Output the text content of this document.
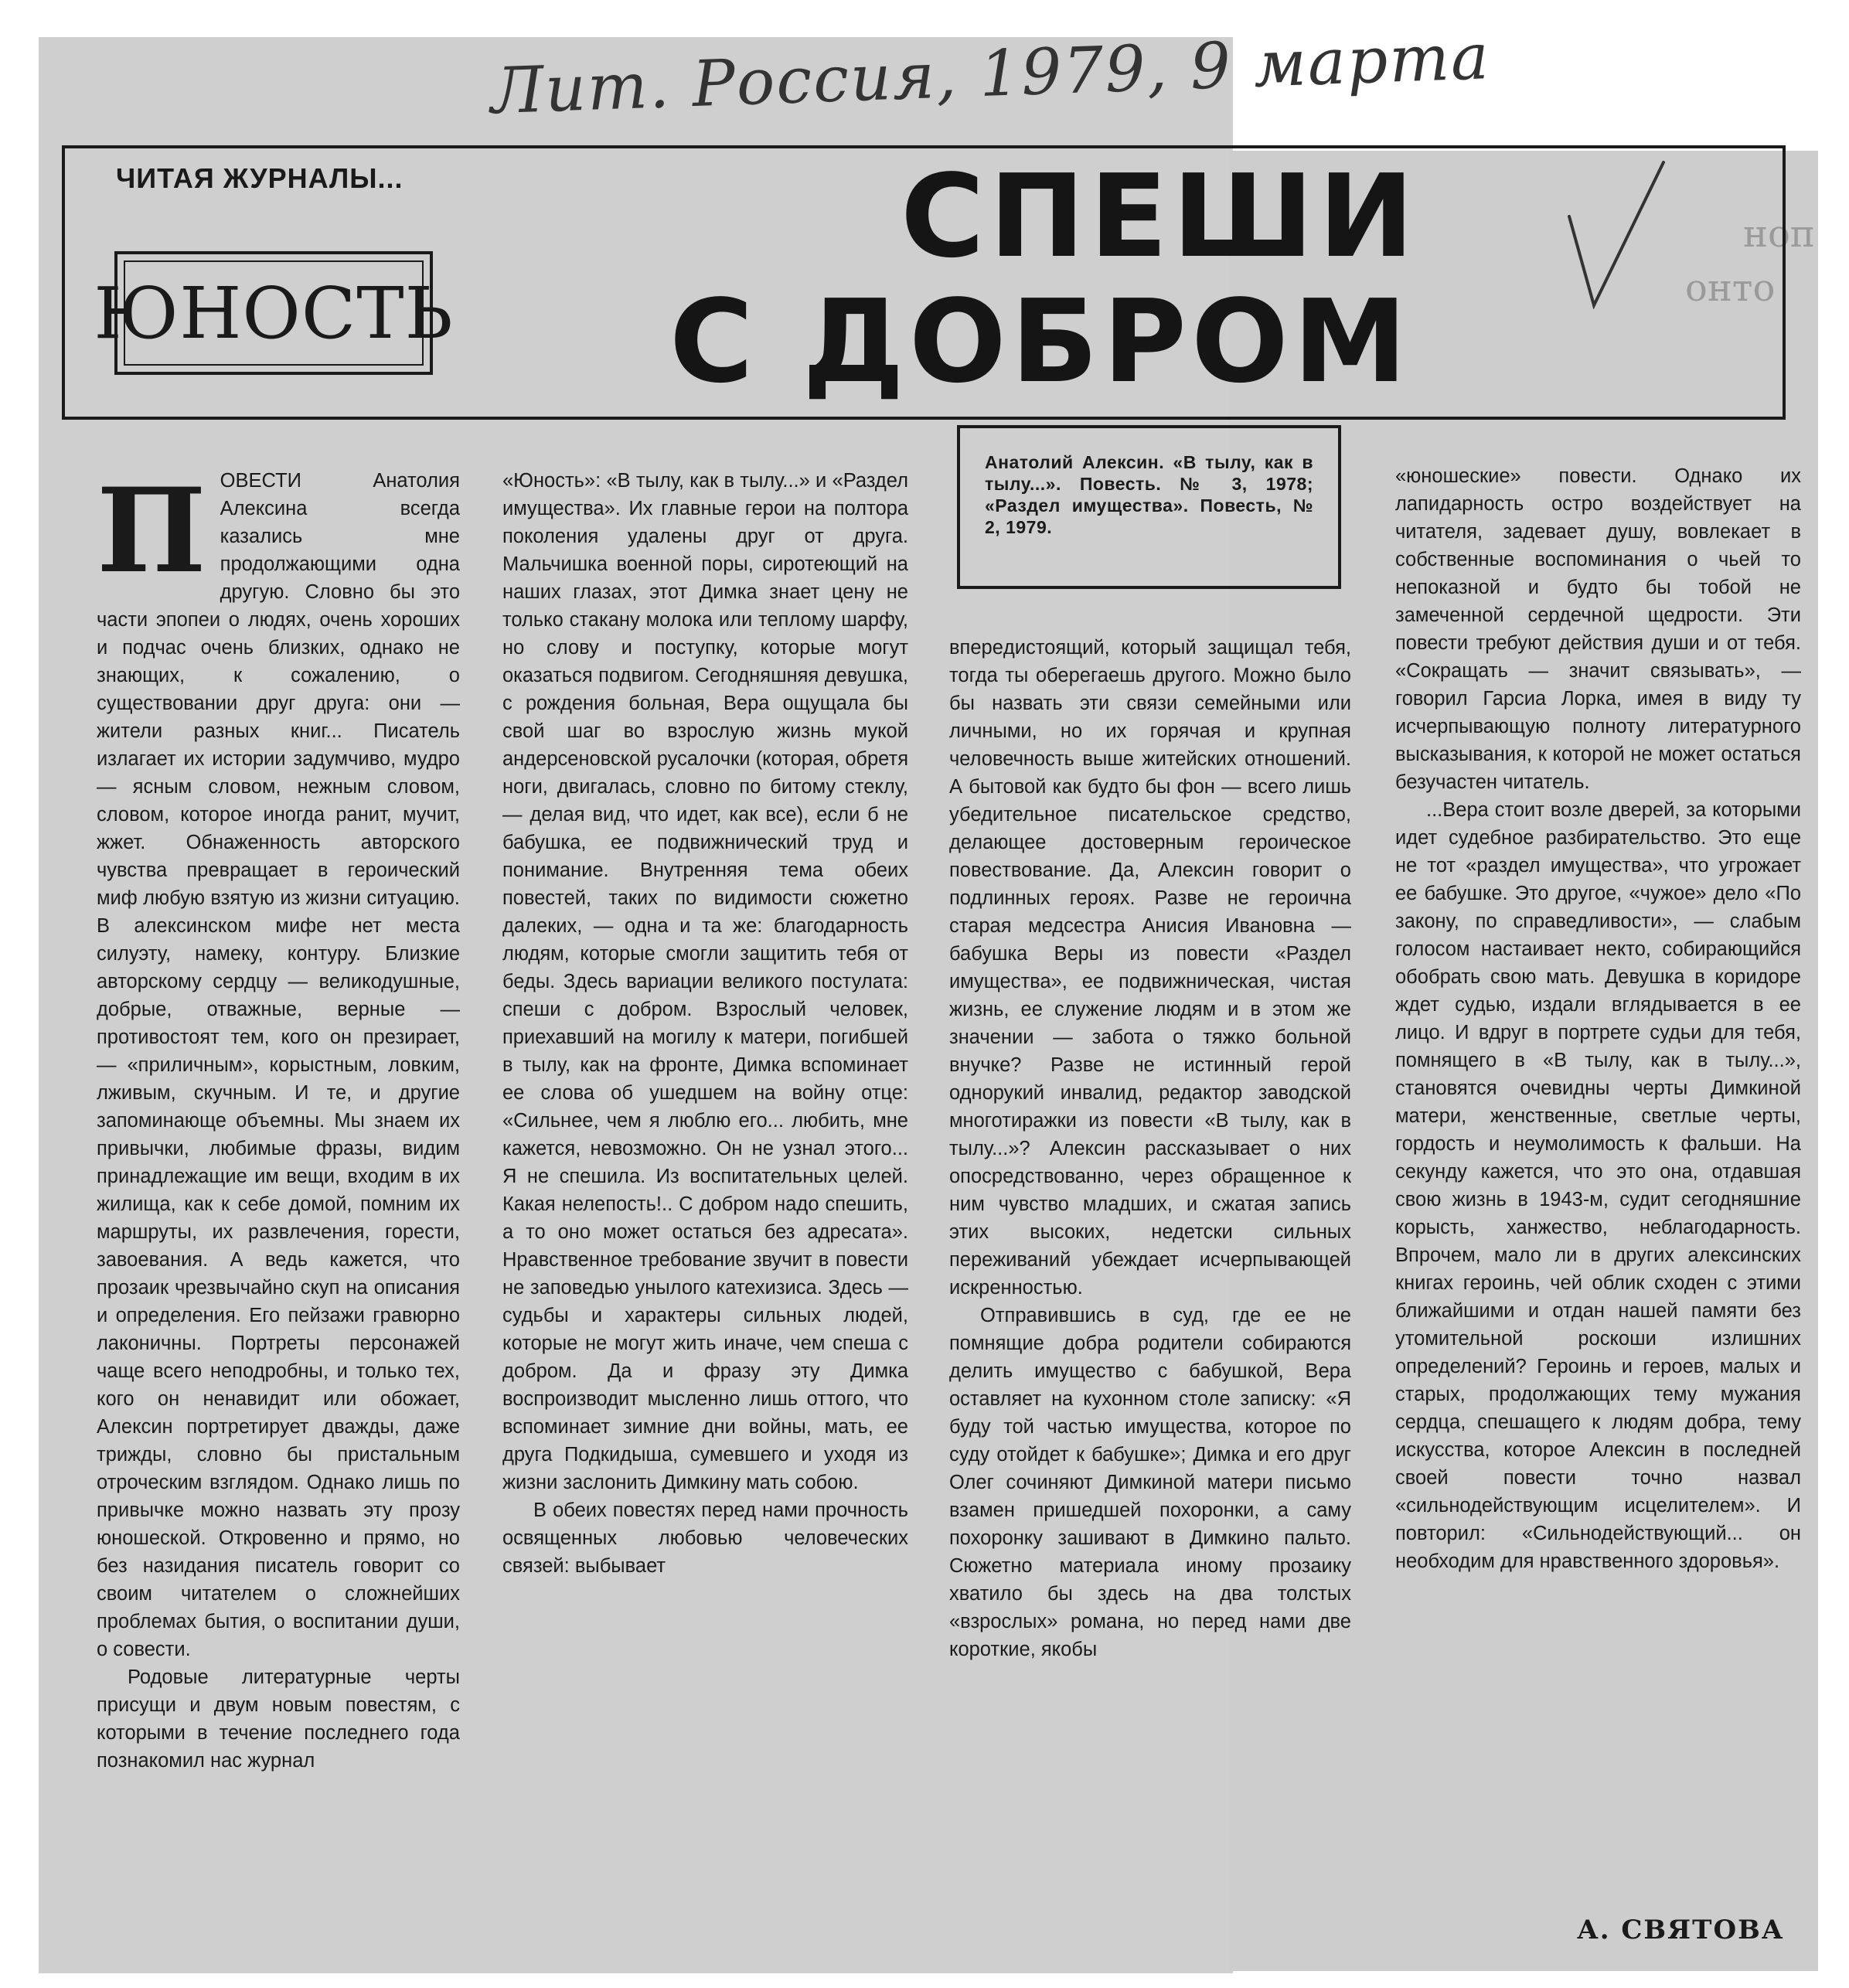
ноп
онто
Лит. Россия, 1979, 9 марта
ЧИТАЯ ЖУРНАЛЫ...
ЮНОСТЬ
СПЕШИ
С ДОБРОМ
Анатолий Алексин. «В тылу, как в тылу...». Повесть. № 3, 1978; «Раздел имущества». Повесть, № 2, 1979.

П ОВЕСТИ Анатолия Алексина всегда казались мне продолжающими одна другую. Словно бы это части эпопеи о людях, очень хороших и подчас очень близких, однако не знающих, к сожалению, о существовании друг друга: они — жители разных книг... Писатель излагает их истории задумчиво, мудро — ясным словом, нежным словом, словом, которое иногда ранит, мучит, жжет. Обнаженность авторского чувства превращает в героический миф любую взятую из жизни ситуацию. В алексинском мифе нет места силуэту, намеку, контуру. Близкие авторскому сердцу — великодушные, добрые, отважные, верные — противостоят тем, кого он презирает, — «приличным», корыстным, ловким, лживым, скучным. И те, и другие запоминающе объемны. Мы знаем их привычки, любимые фразы, видим принадлежащие им вещи, входим в их жилища, как к себе домой, помним их маршруты, их развлечения, горести, завоевания. А ведь кажется, что прозаик чрезвычайно скуп на описания и определения. Его пейзажи гравюрно лаконичны. Портреты персонажей чаще всего неподробны, и только тех, кого он ненавидит или обожает, Алексин портретирует дважды, даже трижды, словно бы пристальным отроческим взглядом. Однако лишь по привычке можно назвать эту прозу юношеской. Откровенно и прямо, но без назидания писатель говорит со своим читателем о сложнейших проблемах бытия, о воспитании души, о совести.

Родовые литературные черты присущи и двум новым повестям, с которыми в течение последнего года познакомил нас журнал

«Юность»: «В тылу, как в тылу...» и «Раздел имущества». Их главные герои на полтора поколения удалены друг от друга. Мальчишка военной поры, сиротеющий на наших глазах, этот Димка знает цену не только стакану молока или теплому шарфу, но слову и поступку, которые могут оказаться подвигом. Сегодняшняя девушка, с рождения больная, Вера ощущала бы свой шаг во взрослую жизнь мукой андерсеновской русалочки (которая, обретя ноги, двигалась, словно по битому стеклу, — делая вид, что идет, как все), если б не бабушка, ее подвижнический труд и понимание. Внутренняя тема обеих повестей, таких по видимости сюжетно далеких, — одна и та же: благодарность людям, которые смогли защитить тебя от беды. Здесь вариации великого постулата: спеши с добром. Взрослый человек, приехавший на могилу к матери, погибшей в тылу, как на фронте, Димка вспоминает ее слова об ушедшем на войну отце: «Сильнее, чем я люблю его... любить, мне кажется, невозможно. Он не узнал этого... Я не спешила. Из воспитательных целей. Какая нелепость!.. С добром надо спешить, а то оно может остаться без адресата». Нравственное требование звучит в повести не заповедью унылого катехизиса. Здесь — судьбы и характеры сильных людей, которые не могут жить иначе, чем спеша с добром. Да и фразу эту Димка воспроизводит мысленно лишь оттого, что вспоминает зимние дни войны, мать, ее друга Подкидыша, сумевшего и уходя из жизни заслонить Димкину мать собою.

В обеих повестях перед нами прочность освященных любовью человеческих связей: выбывает

вперeдистоящий, который защищал тебя, тогда ты оберегаешь другого. Можно было бы назвать эти связи семейными или личными, но их горячая и крупная человечность выше житейских отношений. А бытовой как будто бы фон — всего лишь убедительное писательское средство, делающее достоверным героическое повествование. Да, Алексин говорит о подлинных героях. Разве не героична старая медсестра Анисия Ивановна — бабушка Веры из повести «Раздел имущества», ее подвижническая, чистая жизнь, ее служение людям и в этом же значении — забота о тяжко больной внучке? Разве не истинный герой однорукий инвалид, редактор заводской многотиражки из повести «В тылу, как в тылу...»? Алексин рассказывает о них опосредствованно, через обращенное к ним чувство младших, и сжатая запись этих высоких, недетски сильных переживаний убеждает исчерпывающей искренностью.

Отправившись в суд, где ее не помнящие добра родители собираются делить имущество с бабушкой, Вера оставляет на кухонном столе записку: «Я буду той частью имущества, которое по суду отойдет к бабушке»; Димка и его друг Олег сочиняют Димкиной матери письмо взамен пришедшей похоронки, а саму похоронку зашивают в Димкино пальто. Сюжетно материала иному прозаику хватило бы здесь на два толстых «взрослых» романа, но перед нами две короткие, якобы

«юношеские» повести. Однако их лапидарность остро воздействует на читателя, задевает душу, вовлекает в собственные воспоминания о чьей то непоказной и будто бы тобой не замеченной сердечной щедрости. Эти повести требуют действия души и от тебя. «Сокращать — значит связывать», — говорил Гарсиа Лорка, имея в виду ту исчерпывающую полноту литературного высказывания, к которой не может остаться безучастен читатель.

...Вера стоит возле дверей, за которыми идет судебное разбирательство. Это еще не тот «раздел имущества», что угрожает ее бабушке. Это другое, «чужое» дело «По закону, по справедливости», — слабым голосом настаивает некто, собирающийся обобрать свою мать. Девушка в коридоре ждет судью, издали вглядывается в ее лицо. И вдруг в портрете судьи для тебя, помнящего в «В тылу, как в тылу...», становятся очевидны черты Димкиной матери, женственные, светлые черты, гордость и неумолимость к фальши. На секунду кажется, что это она, отдавшая свою жизнь в 1943-м, судит сегодняшние корысть, ханжество, неблагодарность. Впрочем, мало ли в других алексинских книгах героинь, чей облик сходен с этими ближайшими и отдан нашей памяти без утомительной роскоши излишних определений? Героинь и героев, малых и старых, продолжающих тему мужания сердца, спешащего к людям добра, тему искусства, которое Алексин в последней своей повести точно назвал «сильнодействующим исцелителем». И повторил: «Сильнодействующий... он необходим для нравственного здоровья».

А. СВЯТОВА
